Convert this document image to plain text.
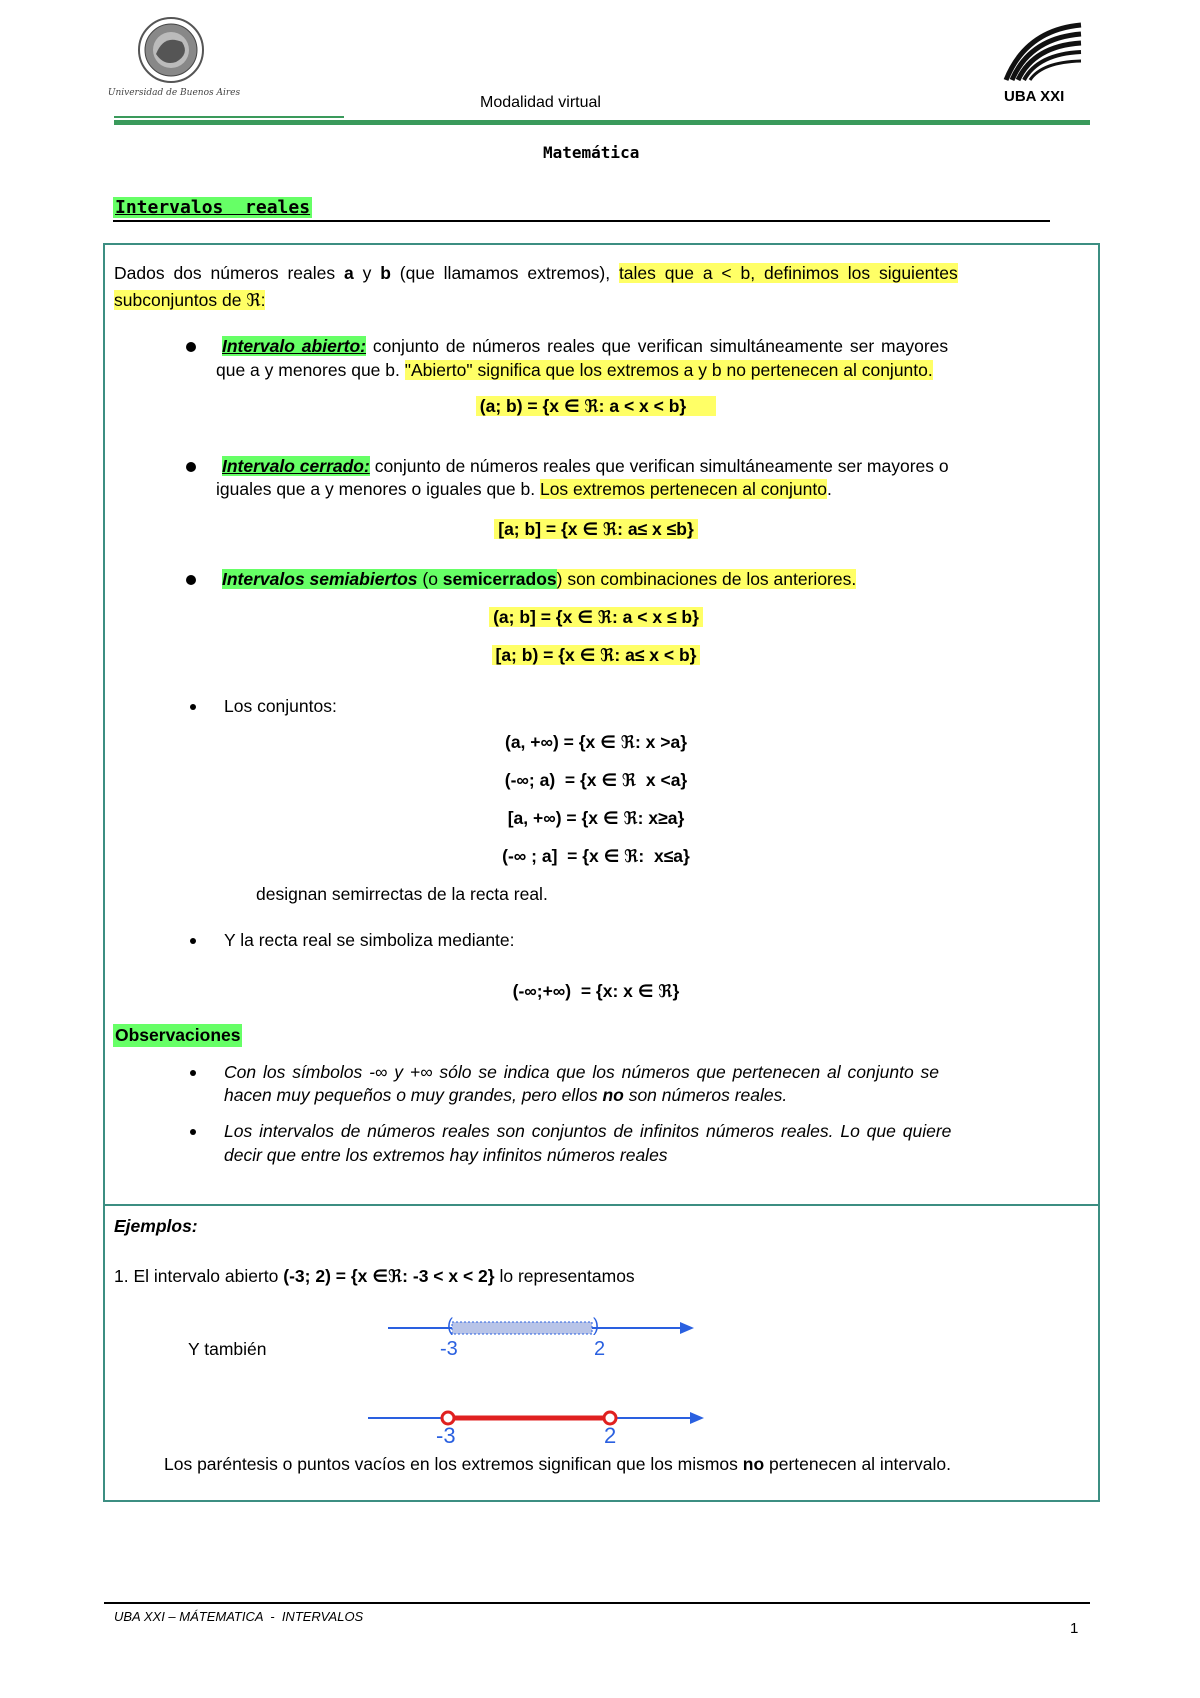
Universidad de Buenos Aires
Modalidad virtual	UBA XXI
Matemática
Intervalos  reales
Dados dos números reales a y b (que llamamos extremos), tales que a < b, definimos los siguientes
subconjuntos de ℜ:
Intervalo abierto: conjunto de números reales que verifican simultáneamente ser mayores
que a y menores que b. "Abierto" significa que los extremos a y b no pertenecen al conjunto.
(a; b) = {x ∈ ℜ: a < x < b}
Intervalo cerrado: conjunto de números reales que verifican simultáneamente ser mayores o
iguales que a y menores o iguales que b. Los extremos pertenecen al conjunto.
[a; b] = {x ∈ ℜ: a≤ x ≤b}
Intervalos semiabiertos (o semicerrados) son combinaciones de los anteriores.
(a; b] = {x ∈ ℜ: a < x ≤ b}
[a; b) = {x ∈ ℜ: a≤ x < b}
Los conjuntos:
(a, +∞) = {x ∈ ℜ: x >a}
(-∞; a)  = {x ∈ ℜ  x <a}
[a, +∞) = {x ∈ ℜ: x≥a}
(-∞ ; a]  = {x ∈ ℜ:  x≤a}
designan semirrectas de la recta real.
Y la recta real se simboliza mediante:
(-∞;+∞)  = {x: x ∈ ℜ}
Observaciones
Con los símbolos -∞ y +∞ sólo se indica que los números que pertenecen al conjunto se
hacen muy pequeños o muy grandes, pero ellos no son números reales.
Los intervalos de números reales son conjuntos de infinitos números reales. Lo que quiere
decir que entre los extremos hay infinitos números reales
Ejemplos:
1. El intervalo abierto (-3; 2) = {x ∈ℜ: -3 < x < 2} lo representamos
Y también
(	)
-3	2
-3	2
Los paréntesis o puntos vacíos en los extremos significan que los mismos no pertenecen al intervalo.
UBA XXI – MÁTEMATICA  -  INTERVALOS
1
